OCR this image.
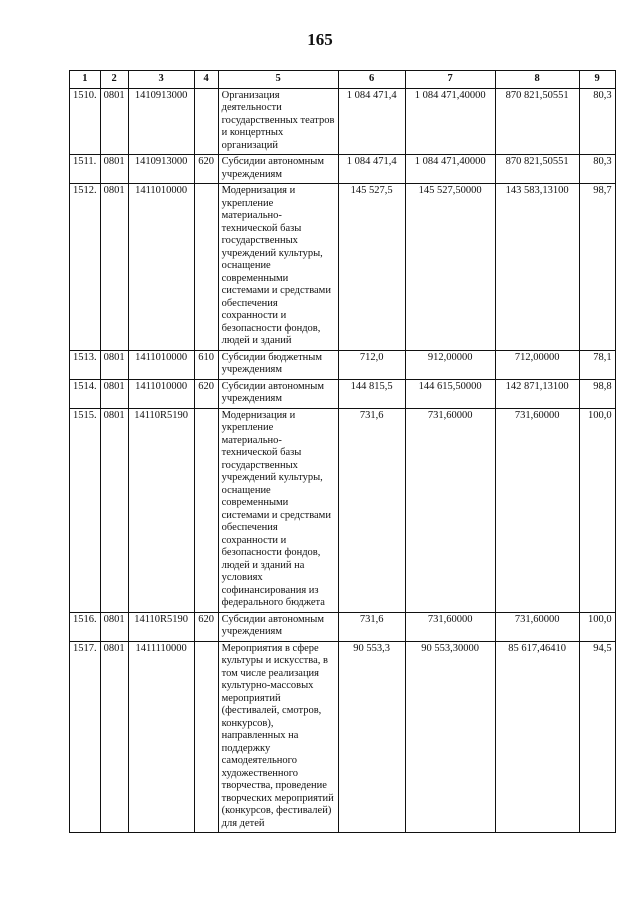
165
1	2	3	4	5	6	7	8	9
1510.	0801	1410913000		Организация деятельности государственных театров и концертных организаций	1 084 471,4	1 084 471,40000	870 821,50551	80,3
1511.	0801	1410913000	620	Субсидии автономным учреждениям	1 084 471,4	1 084 471,40000	870 821,50551	80,3
1512.	0801	1411010000		Модернизация и укрепление материально-технической базы государственных учреждений культуры, оснащение современными системами и средствами обеспечения сохранности и безопасности фондов, людей и зданий	145 527,5	145 527,50000	143 583,13100	98,7
1513.	0801	1411010000	610	Субсидии бюджетным учреждениям	712,0	912,00000	712,00000	78,1
1514.	0801	1411010000	620	Субсидии автономным учреждениям	144 815,5	144 615,50000	142 871,13100	98,8
1515.	0801	14110R5190		Модернизация и укрепление материально-технической базы государственных учреждений культуры, оснащение современными системами и средствами обеспечения сохранности и безопасности фондов, людей и зданий на условиях софинансирования из федерального бюджета	731,6	731,60000	731,60000	100,0
1516.	0801	14110R5190	620	Субсидии автономным учреждениям	731,6	731,60000	731,60000	100,0
1517.	0801	1411110000		Мероприятия в сфере культуры и искусства, в том числе реализация культурно-массовых мероприятий (фестивалей, смотров, конкурсов), направленных на поддержку самодеятельного художественного творчества, проведение творческих мероприятий (конкурсов, фестивалей) для детей	90 553,3	90 553,30000	85 617,46410	94,5
